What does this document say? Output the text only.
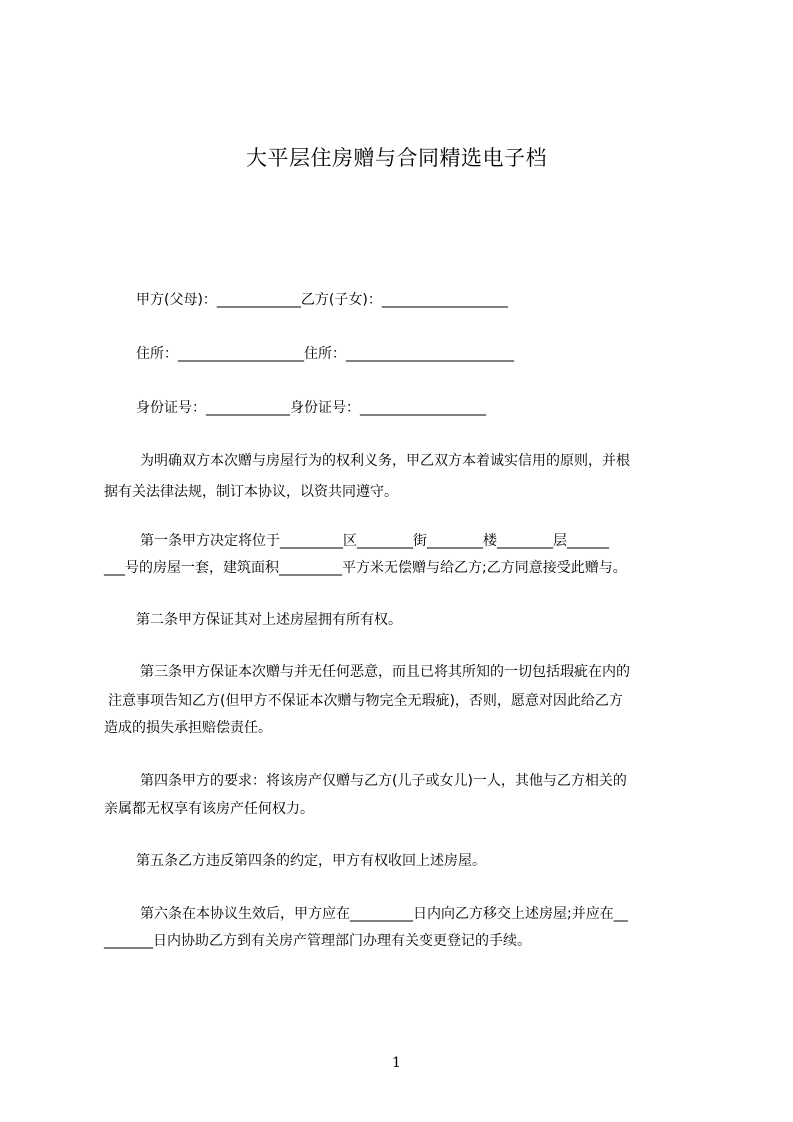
大平层住房赠与合同精选电子档
甲方(父母)：____________乙方(子女)：__________________
住所：__________________住所：________________________
身份证号：____________身份证号：__________________
为明确双方本次赠与房屋行为的权利义务，甲乙双方本着诚实信用的原则，并根
据有关法律法规，制订本协议，以资共同遵守。
第一条甲方决定将位于_________区________街________楼________层______
___号的房屋一套，建筑面积_________平方米无偿赠与给乙方;乙方同意接受此赠与。
第二条甲方保证其对上述房屋拥有所有权。
第三条甲方保证本次赠与并无任何恶意，而且已将其所知的一切包括瑕疵在内的
注意事项告知乙方(但甲方不保证本次赠与物完全无瑕疵)，否则，愿意对因此给乙方
造成的损失承担赔偿责任。
第四条甲方的要求：将该房产仅赠与乙方(儿子或女儿)一人，其他与乙方相关的
亲属都无权享有该房产任何权力。
第五条乙方违反第四条的约定，甲方有权收回上述房屋。
第六条在本协议生效后，甲方应在_________日内向乙方移交上述房屋;并应在__
_______日内协助乙方到有关房产管理部门办理有关变更登记的手续。
1
